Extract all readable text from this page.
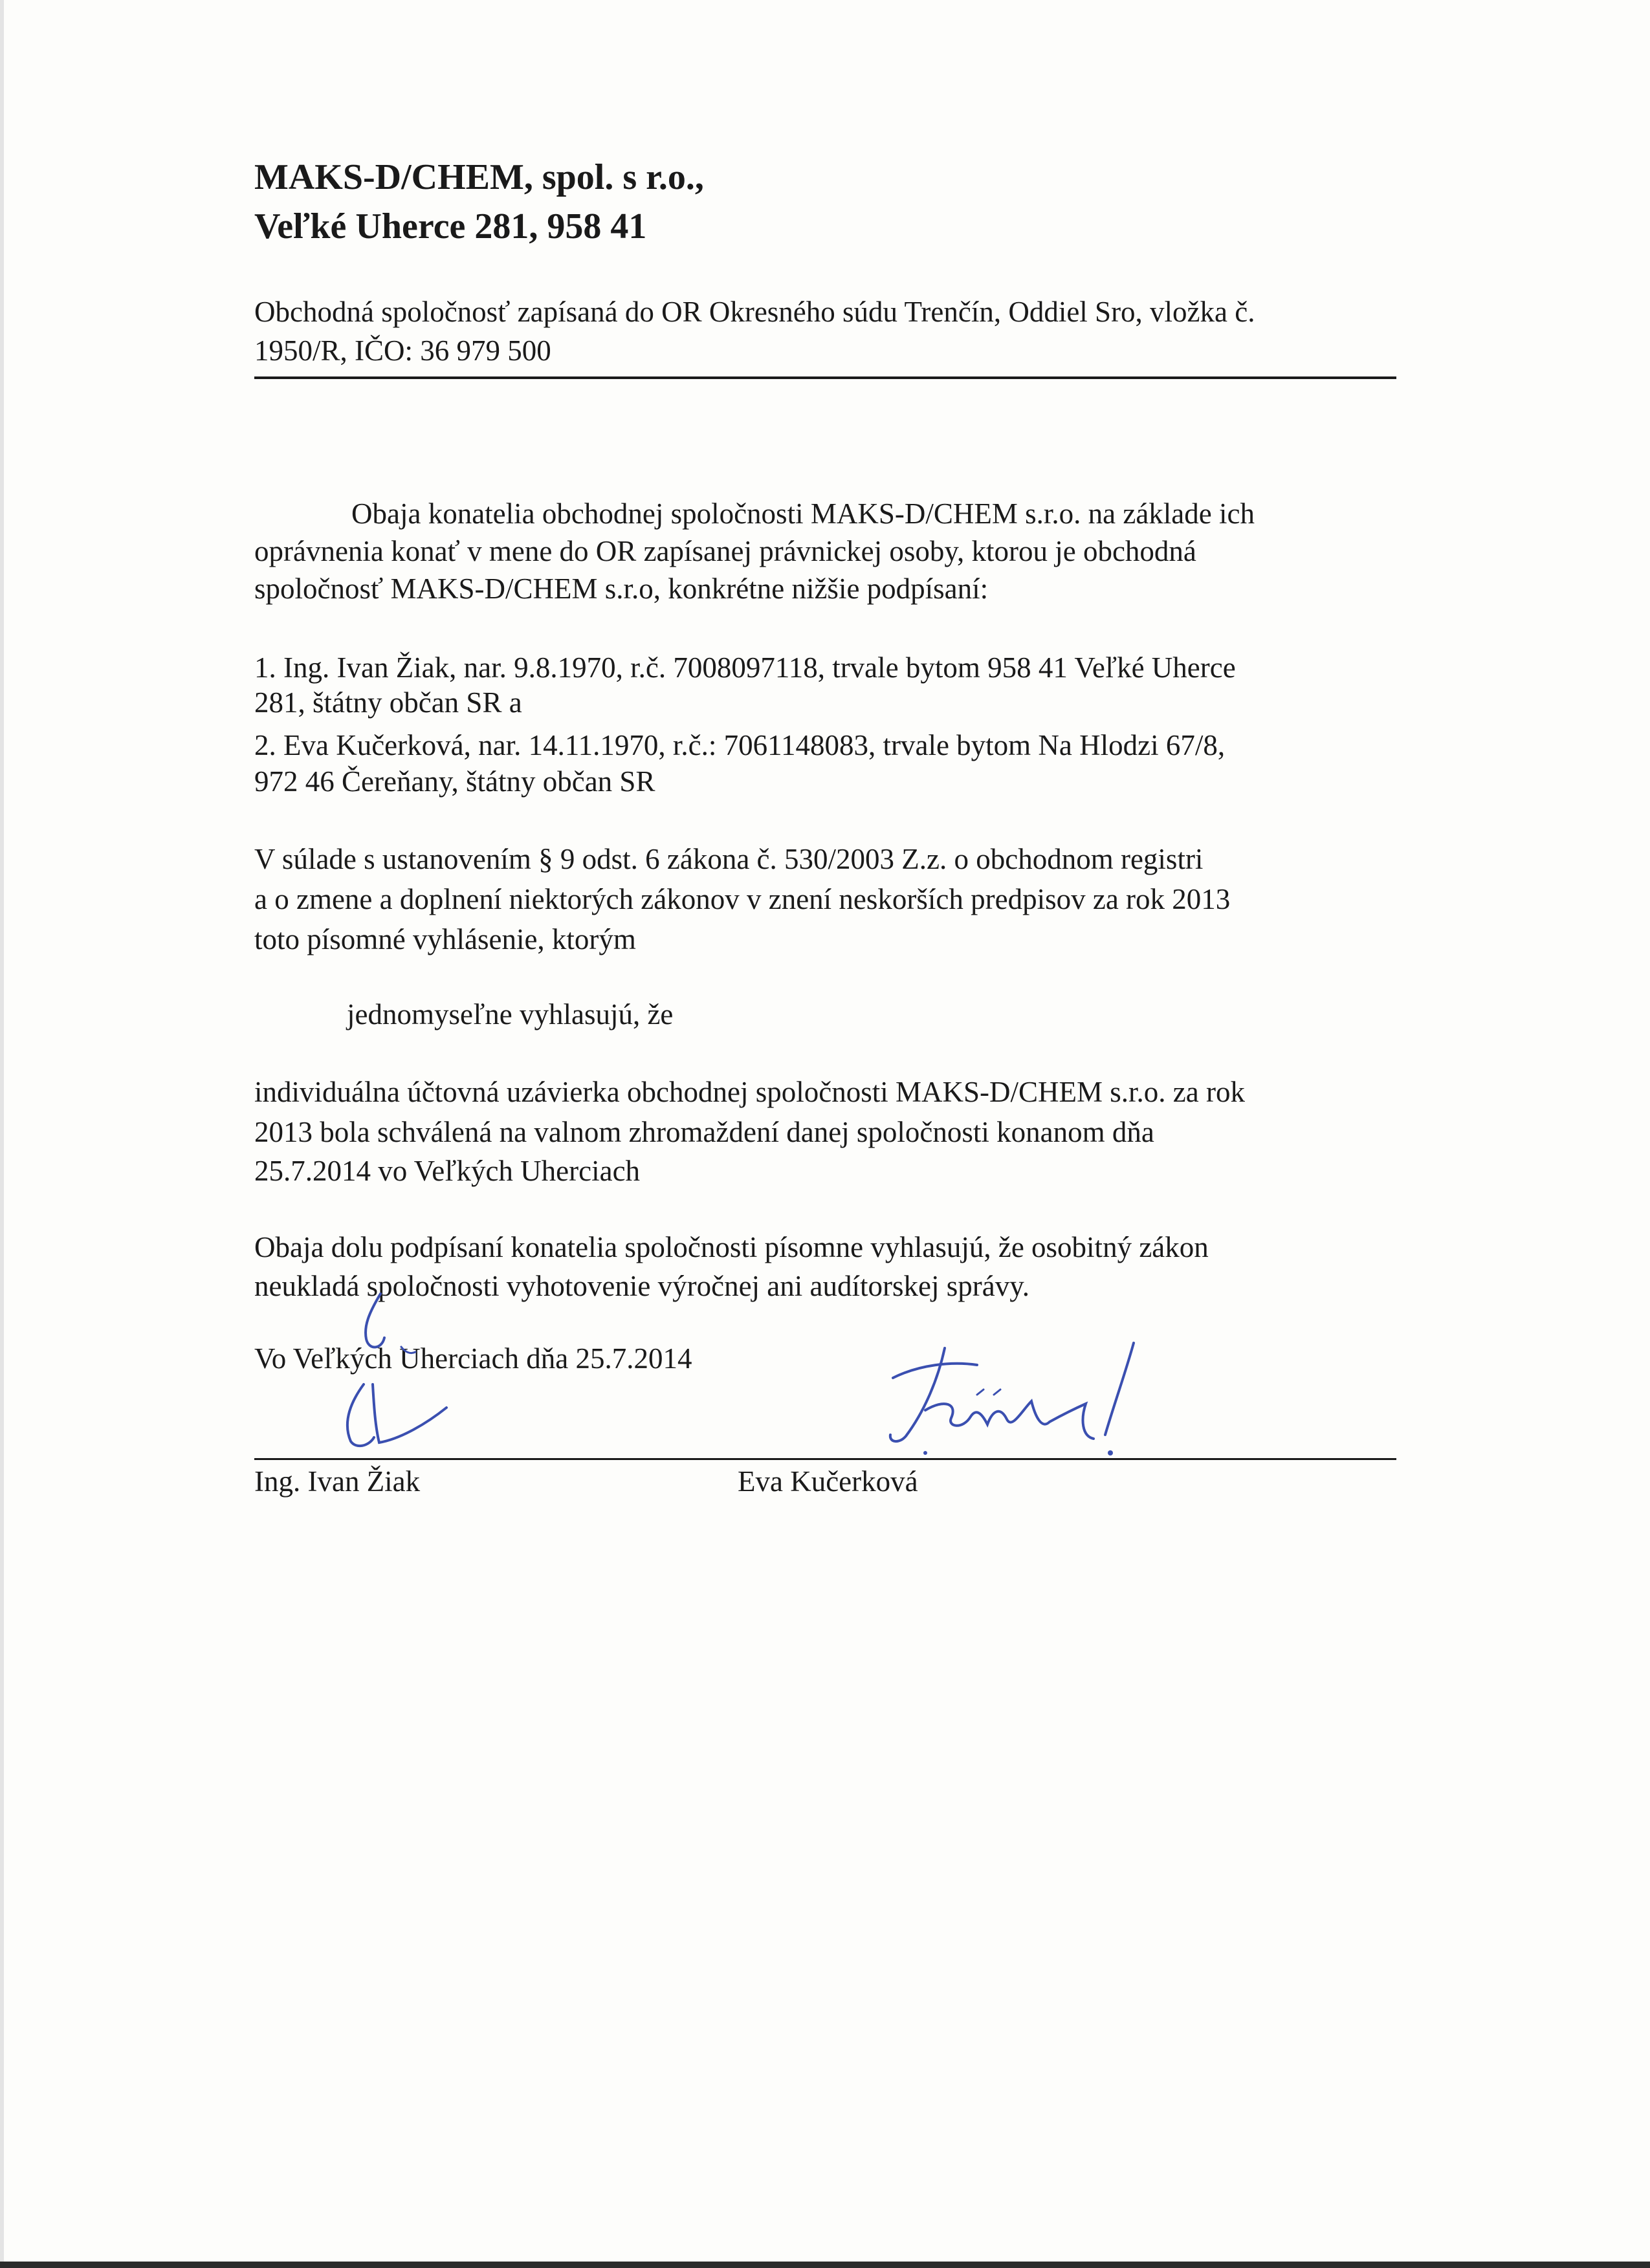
MAKS-D/CHEM, spol. s r.o.,
Veľké Uherce 281, 958 41
Obchodná spoločnosť zapísaná do OR Okresného súdu Trenčín, Oddiel Sro, vložka č.
1950/R, IČO: 36 979 500
Obaja konatelia obchodnej spoločnosti MAKS-D/CHEM s.r.o. na základe ich
oprávnenia konať v mene do OR zapísanej právnickej osoby, ktorou je obchodná
spoločnosť MAKS-D/CHEM s.r.o, konkrétne nižšie podpísaní:
1. Ing. Ivan Žiak, nar. 9.8.1970, r.č. 7008097118, trvale bytom 958 41 Veľké Uherce
281, štátny občan SR a
2. Eva Kučerková, nar. 14.11.1970, r.č.: 7061148083, trvale bytom Na Hlodzi 67/8,
972 46 Čereňany, štátny občan SR
V súlade s ustanovením § 9 odst. 6 zákona č. 530/2003 Z.z. o obchodnom registri
a o zmene a doplnení niektorých zákonov v znení neskorších predpisov za rok 2013
toto písomné vyhlásenie, ktorým
jednomyseľne vyhlasujú, že
individuálna účtovná uzávierka obchodnej spoločnosti MAKS-D/CHEM s.r.o. za rok
2013 bola schválená na valnom zhromaždení danej spoločnosti konanom dňa
25.7.2014 vo Veľkých Uherciach
Obaja dolu podpísaní konatelia spoločnosti písomne vyhlasujú, že osobitný zákon
neukladá spoločnosti vyhotovenie výročnej ani audítorskej správy.
Vo Veľkých Uherciach dňa 25.7.2014
Ing. Ivan Žiak	Eva Kučerková
